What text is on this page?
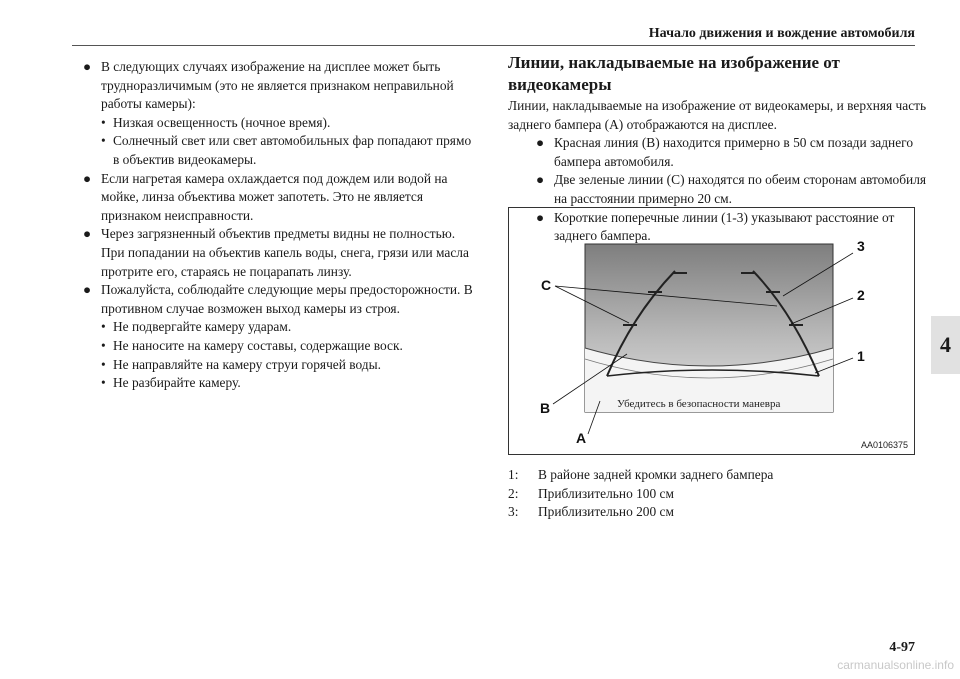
Начало движения и вождение автомобиля
4
● В следующих случаях изображение на дисплее может быть трудноразличимым (это не является признаком неправильной работы камеры):
• Низкая освещенность (ночное время).
• Солнечный свет или свет автомобильных фар попадают прямо в объектив видеокамеры.
● Если нагретая камера охлаждается под дождем или водой на мойке, линза объектива может запотеть. Это не является признаком неисправности.
● Через загрязненный объектив предметы видны не полностью. При попадании на объектив капель воды, снега, грязи или масла протрите его, стараясь не поцарапать линзу.
● Пожалуйста, соблюдайте следующие меры предосторожности. В противном случае возможен выход камеры из строя.
• Не подвергайте камеру ударам.
• Не наносите на камеру составы, содержащие воск.
• Не направляйте на камеру струи горячей воды.
• Не разбирайте камеру.
Линии, накладываемые на изображение от видеокамеры
Линии, накладываемые на изображение от видеокамеры, и верхняя часть заднего бампера (A) отображаются на дисплее.
● Красная линия (B) находится примерно в 50 см позади заднего бампера автомобиля.
● Две зеленые линии (C) находятся по обеим сторонам автомобиля на расстоянии примерно 20 см.
● Короткие поперечные линии (1-3) указывают расстояние от заднего бампера.
C
3
2
1
B
A
Убедитесь в безопасности маневра
AA0106375
1:	В районе задней кромки заднего бампера
2:	Приблизительно 100 см
3:	Приблизительно 200 см
4-97
carmanualsonline.info
